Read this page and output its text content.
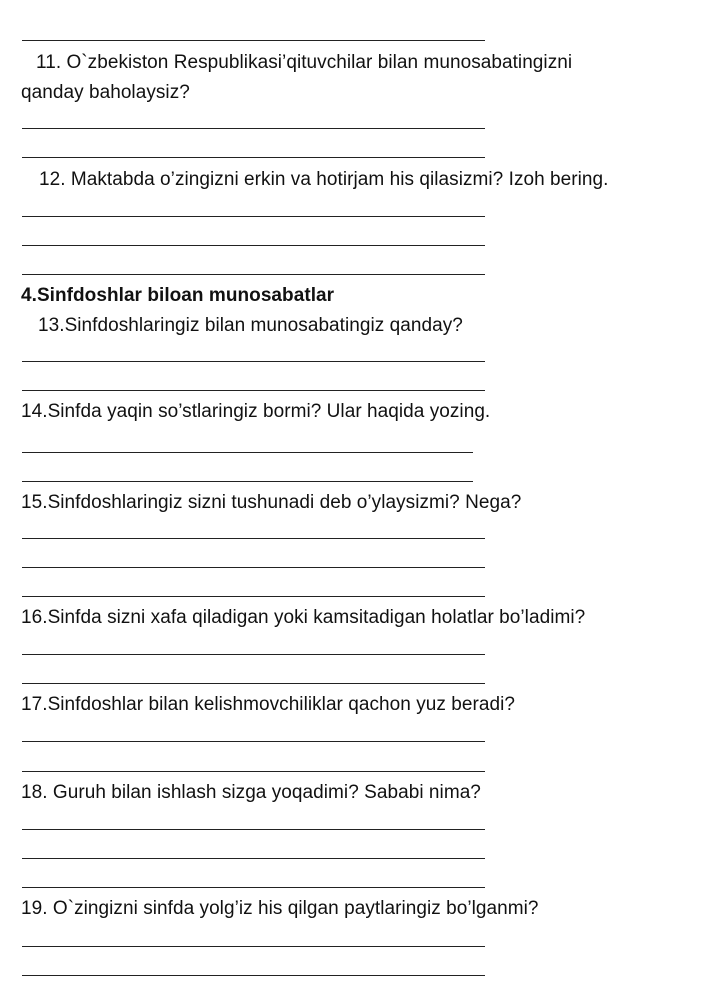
11. O`zbekiston Respublikasi’qituvchilar bilan munosabatingizni
qanday baholaysiz?
12. Maktabda o’zingizni erkin va hotirjam his qilasizmi? Izoh bering.
4.Sinfdoshlar biloan munosabatlar
13.Sinfdoshlaringiz bilan munosabatingiz qanday?
14.Sinfda yaqin so’stlaringiz bormi? Ular haqida yozing.
15.Sinfdoshlaringiz sizni tushunadi deb o’ylaysizmi? Nega?
16.Sinfda sizni xafa qiladigan yoki kamsitadigan holatlar bo’ladimi?
17.Sinfdoshlar bilan kelishmovchiliklar qachon yuz beradi?
18. Guruh bilan ishlash sizga yoqadimi? Sababi nima?
19. O`zingizni sinfda yolg’iz his qilgan paytlaringiz bo’lganmi?
